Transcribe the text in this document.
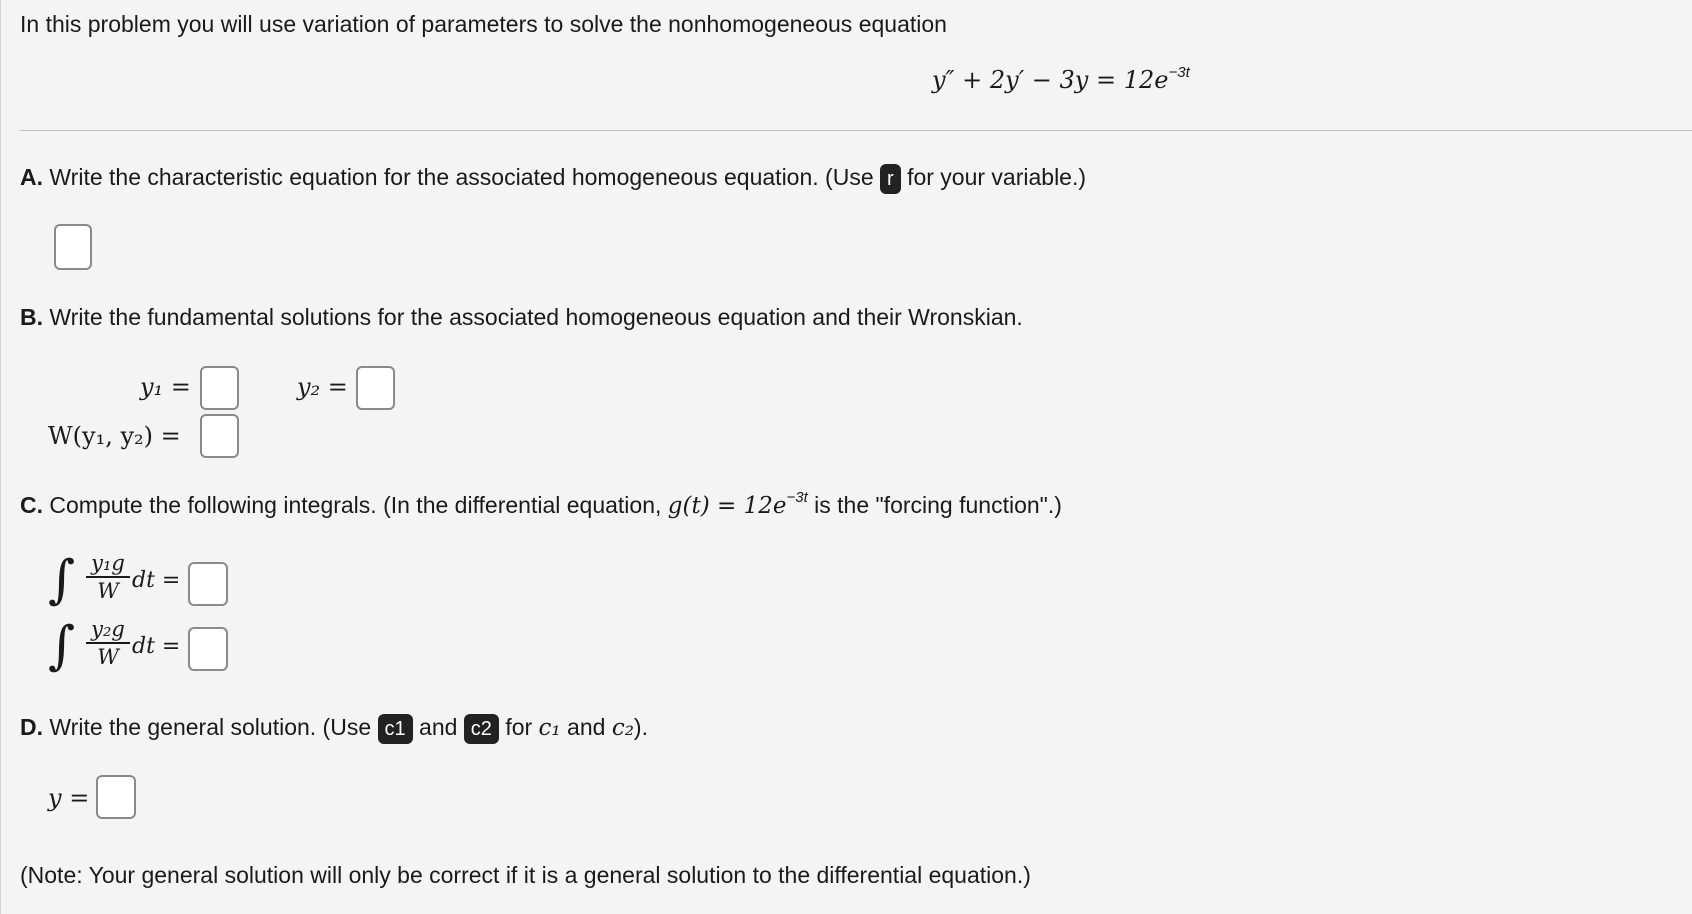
In this problem you will use variation of parameters to solve the nonhomogeneous equation
$y'' + 2y' - 3y = 12e^{-3t}$
A. Write the characteristic equation for the associated homogeneous equation. (Use r for your variable.)
B. Write the fundamental solutions for the associated homogeneous equation and their Wronskian.
y₁ =	y₂ =
W(y₁, y₂) =
C. Compute the following integrals. (In the differential equation, $g(t) = 12e^{-3t}$ is the "forcing function".)
∫ y₁g
W dt =
∫ y₂g
W dt =
D. Write the general solution. (Use c1 and c2 for c₁ and c₂).
y =
(Note: Your general solution will only be correct if it is a general solution to the differential equation.)
